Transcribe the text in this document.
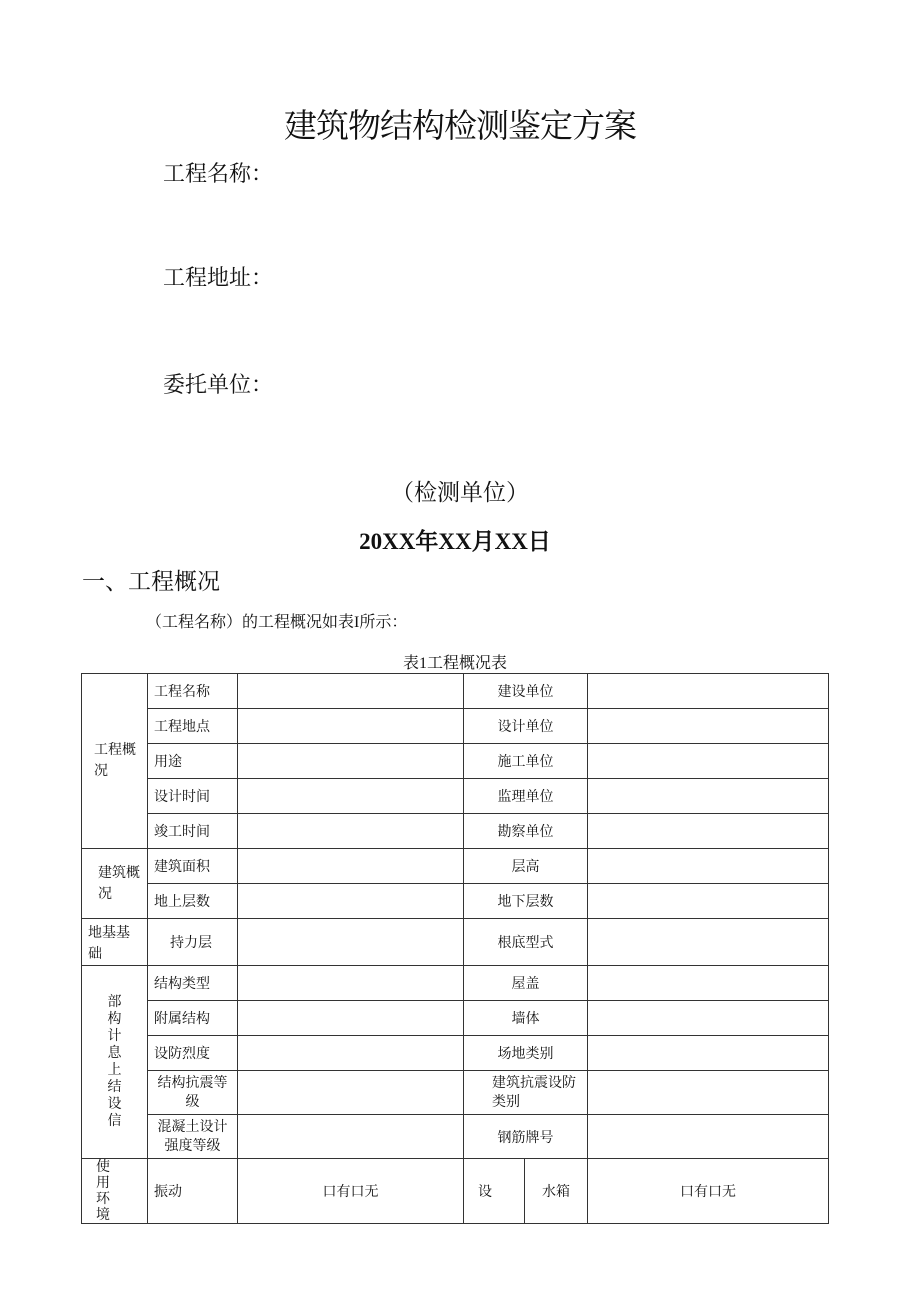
建筑物结构检测鉴定方案
工程名称：
工程地址：
委托单位：
（检测单位）
20XX年XX月XX日
一、工程概况
（工程名称）的工程概况如表I所示：
表1工程概况表
工程概况	工程名称		建设单位		
	工程地点		设计单位		
	用途		施工单位		
	设计时间		监理单位		
	竣工时间		勘察单位		
建筑概况	建筑面积		层高		
	地上层数		地下层数		
地基基础	持力层		根底型式		
部构计息上结设信	结构类型		屋盖		
	附属结构		墙体		
	设防烈度		场地类别		
	结构抗震等级		建筑抗震设防类别		
	混凝土设计强度等级		钢筋牌号		
使用环境	振动	口有口无	设	水箱	口有口无
